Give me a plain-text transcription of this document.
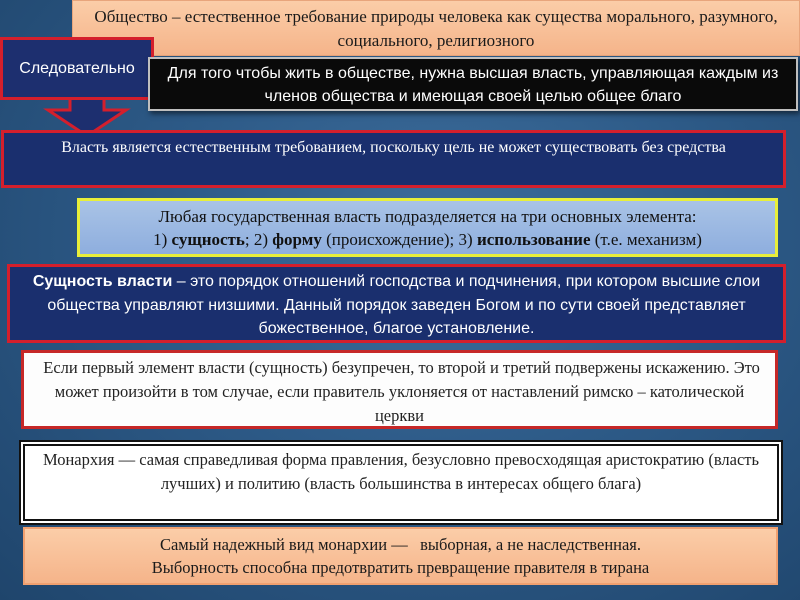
Общество – естественное требование природы человека как существа морального, разумного, социального, религиозного
Следовательно	Для того чтобы жить в обществе, нужна высшая власть, управляющая каждым из членов общества и имеющая своей целью общее благо
Власть является естественным требованием, поскольку цель не может существовать без средства
Любая государственная власть подразделяется на три основных элемента:
1) сущность; 2) форму (происхождение); 3) использование (т.е. механизм)
Сущность власти – это порядок отношений господства и подчинения, при котором высшие слои общества управляют низшими. Данный порядок заведен Богом и по сути своей представляет божественное, благое установление.
Если первый элемент власти (сущность) безупречен, то второй и третий подвержены искажению. Это может произойти в том случае, если правитель уклоняется от наставлений римско – католической церкви
Монархия — самая справедливая форма правления, безусловно превосходящая аристократию (власть лучших) и политию (власть большинства в интересах общего блага)
Самый надежный вид монархии —   выборная, а не наследственная.
Выборность способна предотвратить превращение правителя в тирана
